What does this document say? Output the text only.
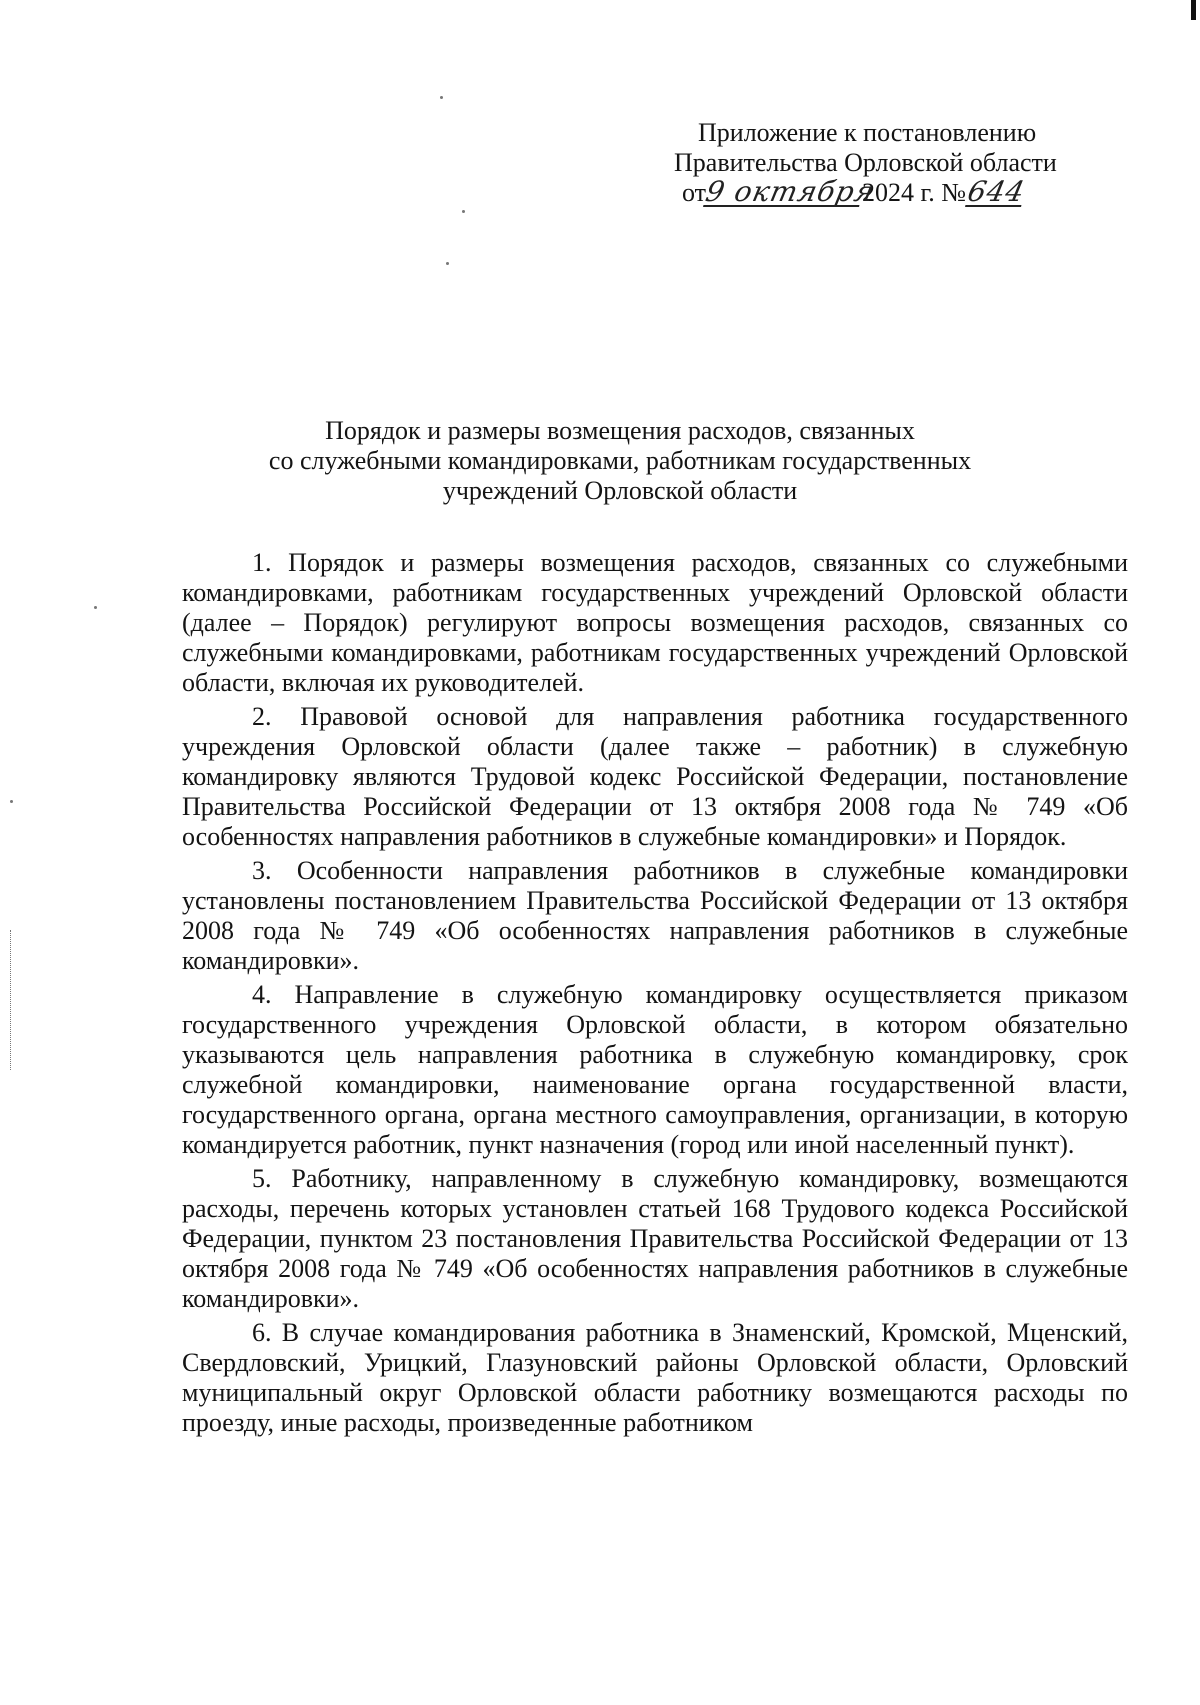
Приложение к постановлению
Правительства Орловской области
от9 октября2024 г. №644
Порядок и размеры возмещения расходов, связанных
со служебными командировками, работникам государственных
учреждений Орловской области

1. Порядок и размеры возмещения расходов, связанных со служебными командировками, работникам государственных учреждений Орловской области (далее – Порядок) регулируют вопросы возмещения расходов, связанных со служебными командировками, работникам государственных учреждений Орловской области, включая их руководителей.

2. Правовой основой для направления работника государственного учреждения Орловской области (далее также – работник) в служебную командировку являются Трудовой кодекс Российской Федерации, постановление Правительства Российской Федерации от 13 октября 2008 года № 749 «Об особенностях направления работников в служебные командировки» и Порядок.

3. Особенности направления работников в служебные командировки установлены постановлением Правительства Российской Федерации от 13 октября 2008 года № 749 «Об особенностях направления работников в служебные командировки».

4. Направление в служебную командировку осуществляется приказом государственного учреждения Орловской области, в котором обязательно указываются цель направления работника в служебную командировку, срок служебной командировки, наименование органа государственной власти, государственного органа, органа местного самоуправления, организации, в которую командируется работник, пункт назначения (город или иной населенный пункт).

5. Работнику, направленному в служебную командировку, возмещаются расходы, перечень которых установлен статьей 168 Трудового кодекса Российской Федерации, пунктом 23 постановления Правительства Российской Федерации от 13 октября 2008 года № 749 «Об особенностях направления работников в служебные командировки».

6. В случае командирования работника в Знаменский, Кромской, Мценский, Свердловский, Урицкий, Глазуновский районы Орловской области, Орловский муниципальный округ Орловской области работнику возмещаются расходы по проезду, иные расходы, произведенные работником
